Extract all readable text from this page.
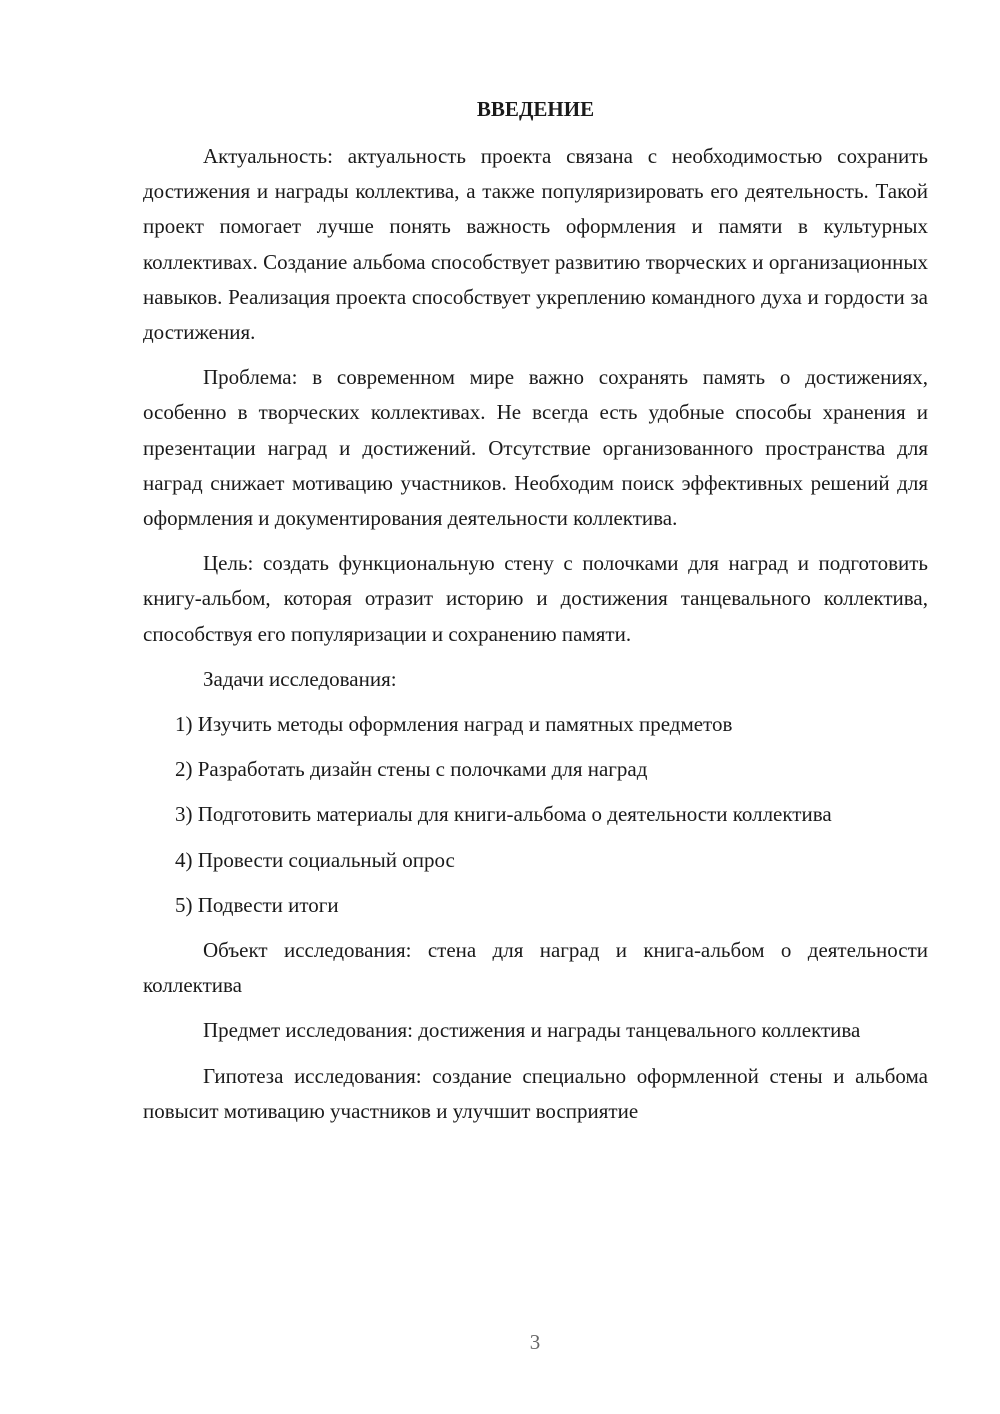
ВВЕДЕНИЕ

Актуальность: актуальность проекта связана с необходимостью сохранить достижения и награды коллектива, а также популяризировать его деятельность. Такой проект помогает лучше понять важность оформления и памяти в культурных коллективах. Создание альбома способствует развитию творческих и организационных навыков. Реализация проекта способствует укреплению командного духа и гордости за достижения.

Проблема: в современном мире важно сохранять память о достижениях, особенно в творческих коллективах. Не всегда есть удобные способы хранения и презентации наград и достижений. Отсутствие организованного пространства для наград снижает мотивацию участников. Необходим поиск эффективных решений для оформления и документирования деятельности коллектива.

Цель: создать функциональную стену с полочками для наград и подготовить книгу-альбом, которая отразит историю и достижения танцевального коллектива, способствуя его популяризации и сохранению памяти.

Задачи исследования:

1) Изучить методы оформления наград и памятных предметов

2) Разработать дизайн стены с полочками для наград

3) Подготовить материалы для книги-альбома о деятельности коллектива

4) Провести социальный опрос

5) Подвести итоги

Объект исследования: стена для наград и книга-альбом о деятельности коллектива

Предмет исследования: достижения и награды танцевального коллектива

Гипотеза исследования: создание специально оформленной стены и альбома повысит мотивацию участников и улучшит восприятие

3
